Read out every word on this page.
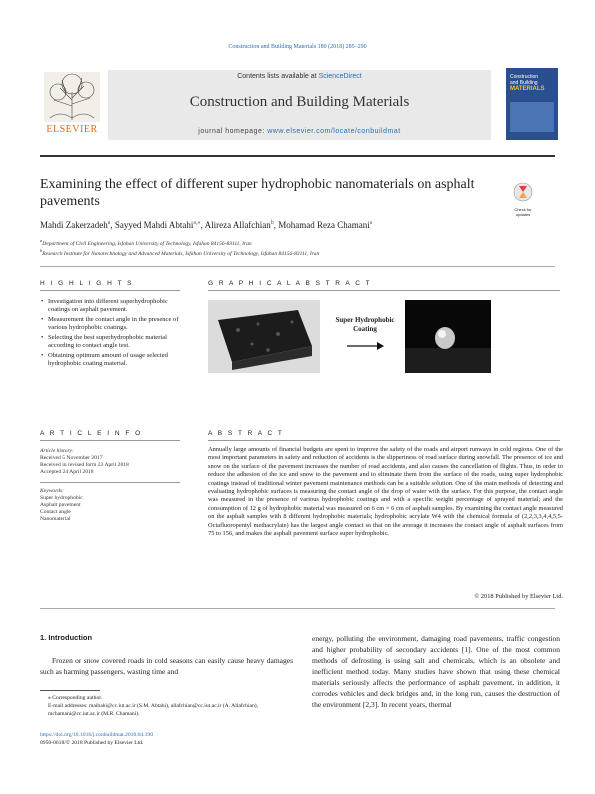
Construction and Building Materials 180 (2018) 285–290
ELSEVIER
Contents lists available at ScienceDirect
Construction and Building Materials
journal homepage: www.elsevier.com/locate/conbuildmat
Construction
and Building
MATERIALS
Examining the effect of different super hydrophobic nanomaterials on asphalt pavements
Check for updates
Mahdi Zakerzadeh$^a$, Sayyed Mahdi Abtahi$^{a,⁎}$, Alireza Allafchian$^b$, Mohamad Reza Chamani$^a$
$^a$Department of Civil Engineering, Isfahan University of Technology, Isfahan 84156-83111, Iran
$^b$Research Institute for Nanotechnology and Advanced Materials, Isfahan University of Technology, Isfahan 84156-83111, Iran
H I G H L I G H T S
• Investigation into different superhydrophobic coatings on asphalt pavement.
• Measurement the contact angle in the presence of various hydrophobic coatings.
• Selecting the best superhydrophobic material according to contact angle test.
• Obtaining optimum amount of usage selected hydrophobic coating material.
G R A P H I C A L A B S T R A C T
Super Hydrophobic Coating
A R T I C L E I N F O
Article history:
Received 5 November 2017
Received in revised form 23 April 2018
Accepted 24 April 2018
Keywords:
Super hydrophobic
Asphalt pavement
Contact angle
Nanomaterial
A B S T R A C T
Annually large amounts of financial budgets are spent to improve the safety of the roads and airport runways in cold regions. One of the most important parameters in safety and reduction of accidents is the slipperiness of road surface during snowfall. The presence of ice and snow on the surface of the pavement increases the number of road accidents, and also causes the cancellation of flights. Thus, in order to reduce the adhesion of the ice and snow to the pavement and to eliminate them from the surface of the roads, using super hydrophobic coatings instead of traditional winter pavement maintenance methods can be a suitable solution. One of the main methods of detecting and evaluating hydrophobic surfaces is measuring the contact angle of the drop of water with the surface. For this purpose, the contact angle was measured in the presence of various hydrophobic coatings and with a specific weight percentage of sprayed material; and the consumption of 12 g of hydrophobic material was measured on 6 cm × 6 cm of asphalt samples. By examining the contact angle measured on the asphalt samples with 8 different hydrophobic materials; hydrophobic acrylate W4 with the chemical formula of (2,2,3,3,4,4,5,5-Octafluoropentyl methacrylate) has the largest angle contact so that on the average it increases the contact angle of asphalt surfaces from 75 to 156, and makes the asphalt pavement surface super hydrophobic.
© 2018 Published by Elsevier Ltd.
1. Introduction
Frozen or snow covered roads in cold seasons can easily cause heavy damages such as harming passengers, wasting time and
energy, polluting the environment, damaging road pavements, traffic congestion and higher probability of secondary accidents [1]. One of the most common methods of defrosting is using salt and chemicals, which is an obsolete and inefficient method today. Many studies have shown that using these chemical materials seriously affects the performance of asphalt pavement, in addition, it corrodes vehicles and deck bridges and, in the long run, causes the destruction of the environment [2,3]. In recent years, thermal
⁎ Corresponding author.
E-mail addresses: maibahi@cc.iut.ac.ir (S.M. Abtahi), allafchian@cc.iut.ac.ir (A. Allafchian), mchamani@cc.iut.ac.ir (M.R. Chamani).
https://doi.org/10.1016/j.conbuildmat.2018.04.190
0950-0618/© 2018 Published by Elsevier Ltd.
